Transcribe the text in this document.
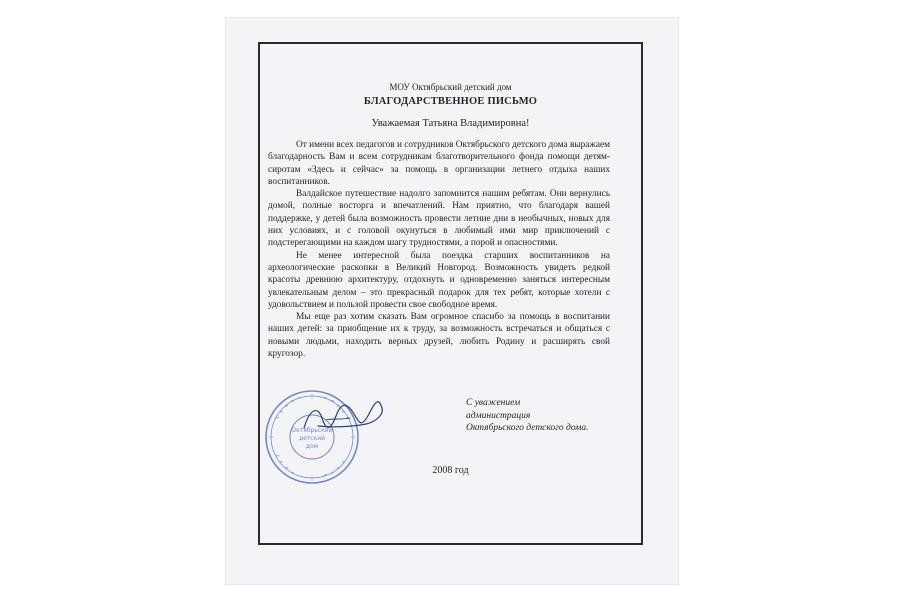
МОУ Октябрьский детский дом
БЛАГОДАРСТВЕННОЕ ПИСЬМО
Уважаемая Татьяна Владимировна!

От имени всех педагогов и сотрудников Октябрьского детского дома выражаем благодарность Вам и всем сотрудникам благотворительного фонда помощи детям-сиротам «Здесь и сейчас» за помощь в организации летнего отдыха наших воспитанников.

Валдайское путешествие надолго запомнится нашим ребятам. Они вернулись домой, полные восторга и впечатлений. Нам приятно, что благодаря вашей поддержке, у детей была возможность провести летние дни в необычных, новых для них условиях, и с головой окунуться в любимый ими мир приключений с подстерегающими на каждом шагу трудностями, а порой и опасностями.

Не менее интересной была поездка старших воспитанников на археологические раскопки в Великий Новгород. Возможность увидеть редкой красоты древнюю архитектуру, отдохнуть и одновременно заняться интересным увлекательным делом – это прекрасный подарок для тех ребят, которые хотели с удовольствием и пользой провести свое свободное время.

Мы еще раз хотим сказать Вам огромное спасибо за помощь в воспитании наших детей: за приобщение их к труду, за возможность встречаться и общаться с новыми людьми, находить верных друзей, любить Родину и расширять свой кругозор.

Октябрьский
детский
дом
С уважением
администрация
Октябрьского детского дома.
2008 год
